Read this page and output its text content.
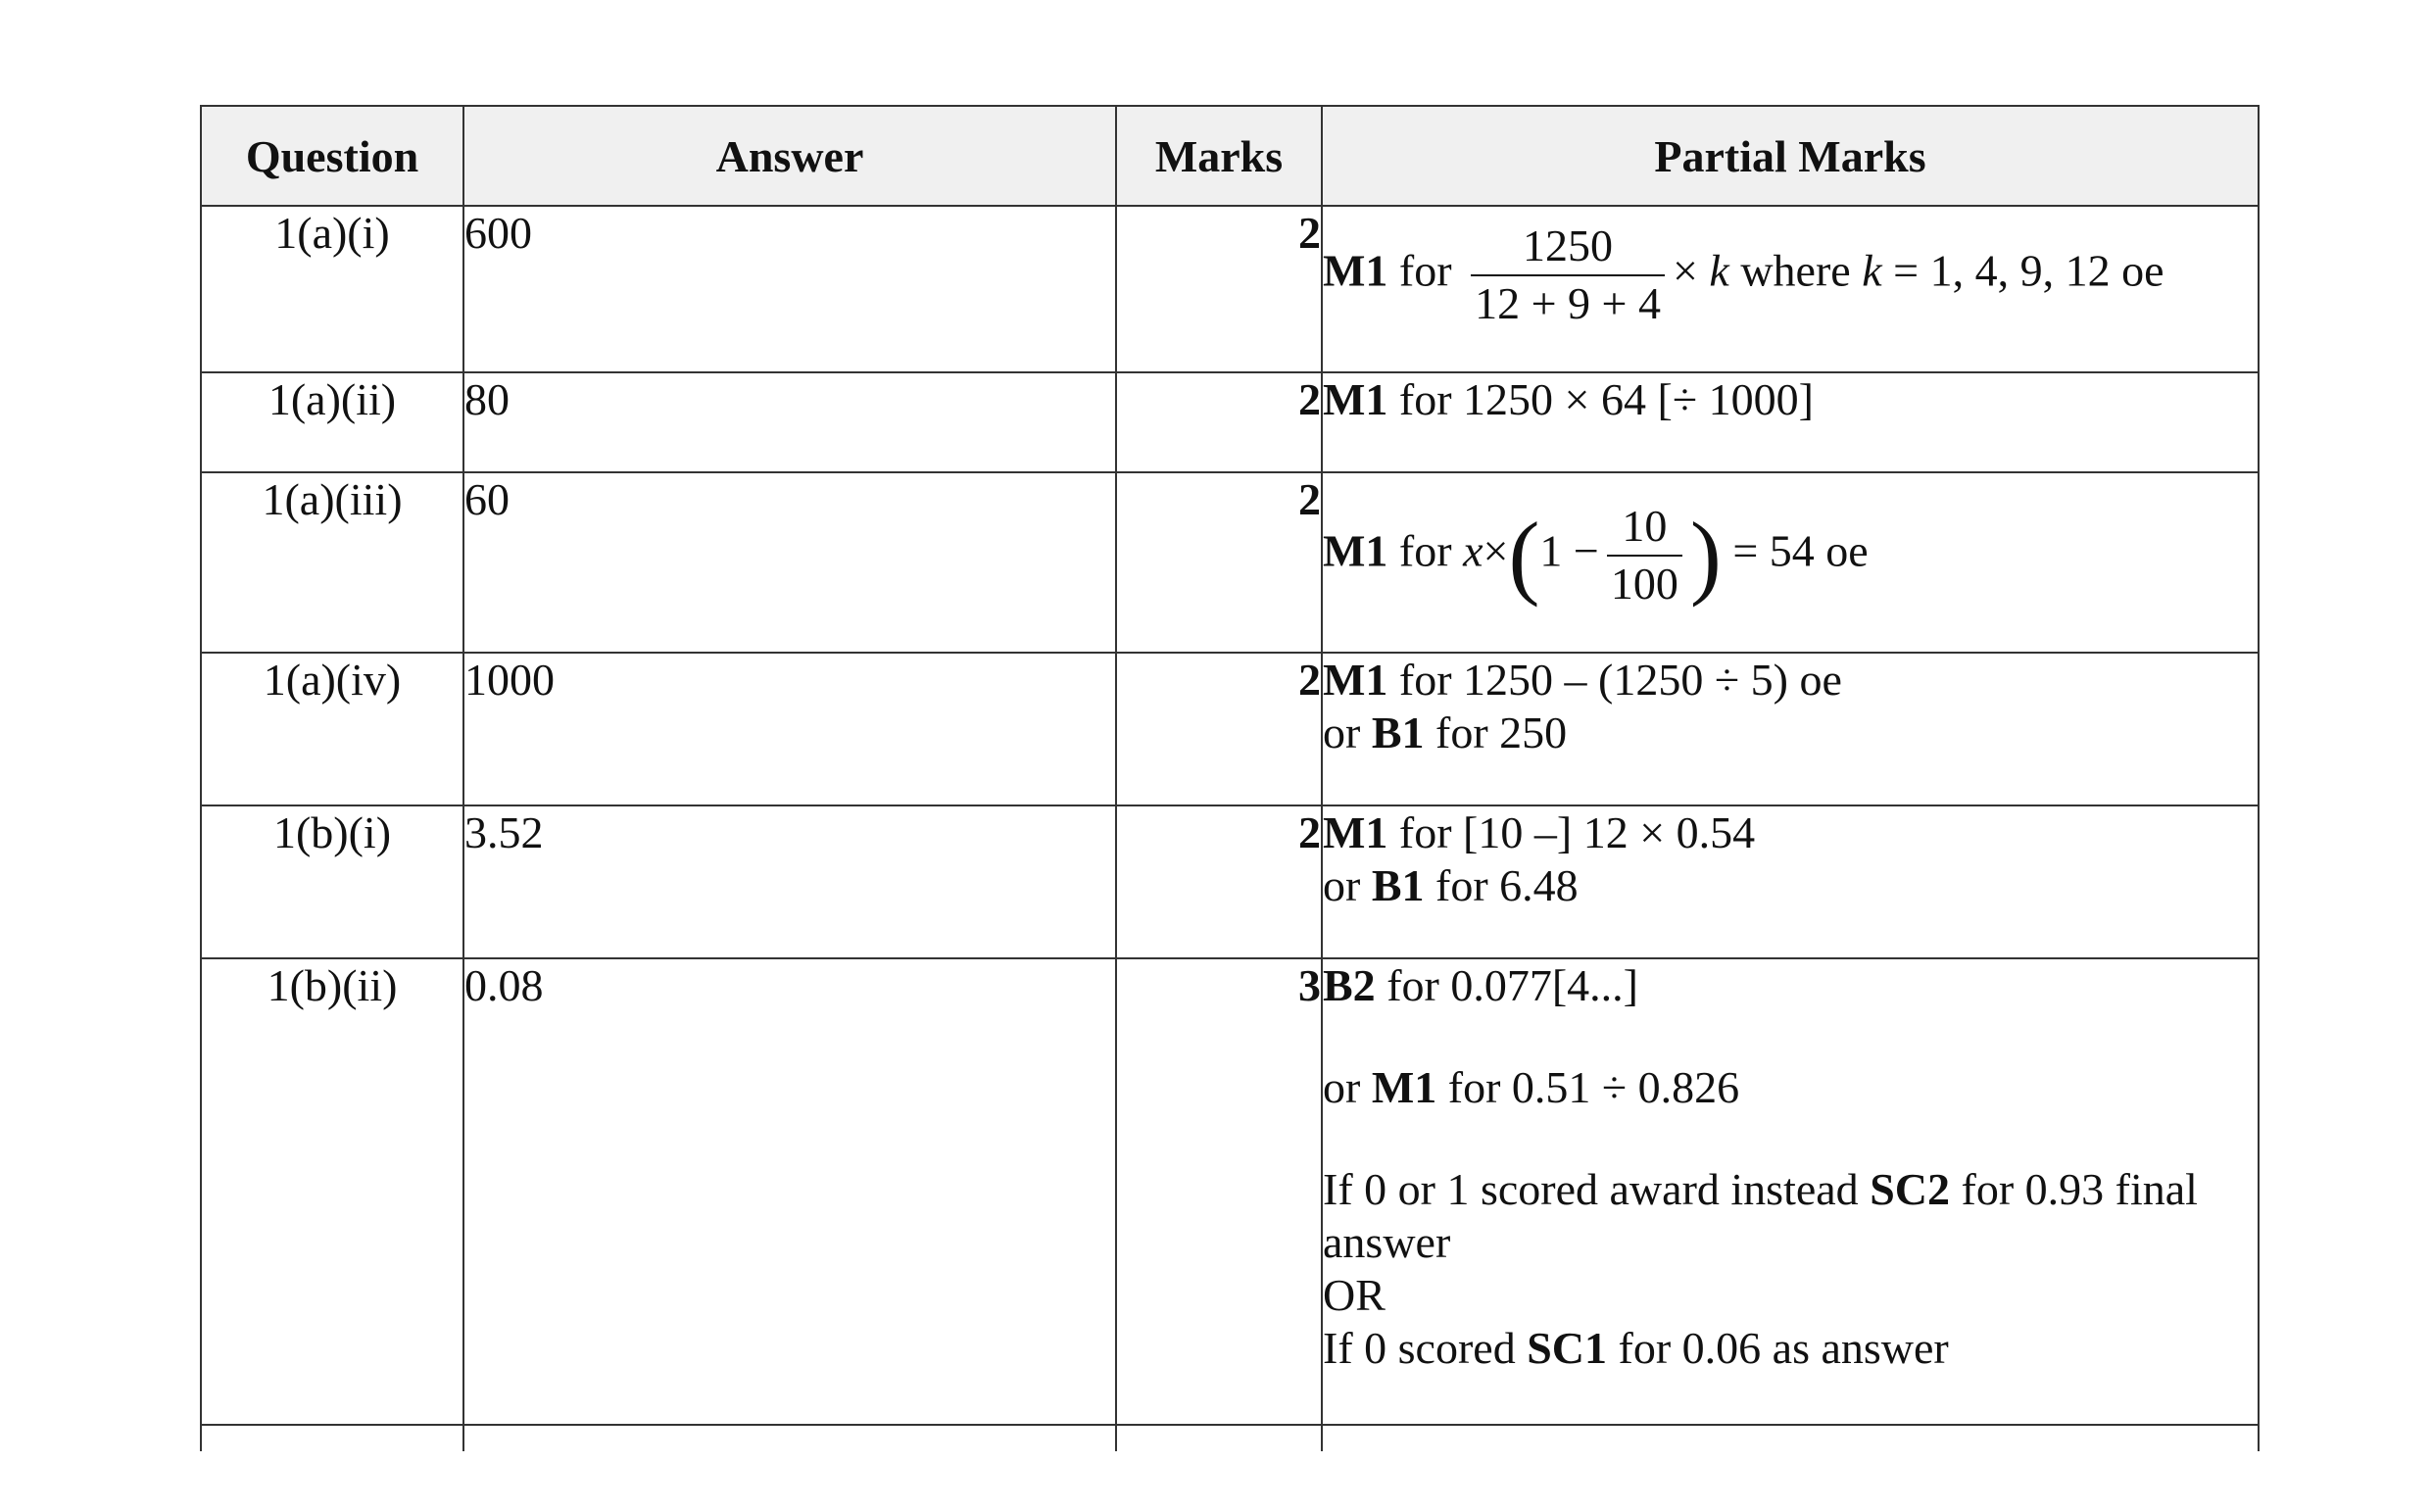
Question	Answer	Marks	Partial Marks
1(a)(i)	600	2	M1 for $\frac{1250}{12 + 9 + 4} \times k$ where k = 1, 4, 9, 12 oe
1(a)(ii)	80	2	M1 for 1250 × 64 [÷ 1000]
1(a)(iii)	60	2	M1 for $x\times(1 - \frac{10}{100}$ ) = 54 oe
1(a)(iv)	1000	2	M1 for 1250 – (1250 ÷ 5) oe
or B1 for 250

1(b)(i)	3.52	2	M1 for [10 –] 12 × 0.54
or B1 for 6.48

1(b)(ii)	0.08	3	B2 for 0.077[4...]
or M1 for 0.51 ÷ 0.826
If 0 or 1 scored award instead SC2 for 0.93 final answer
OR
If 0 scored SC1 for 0.06 as answer
